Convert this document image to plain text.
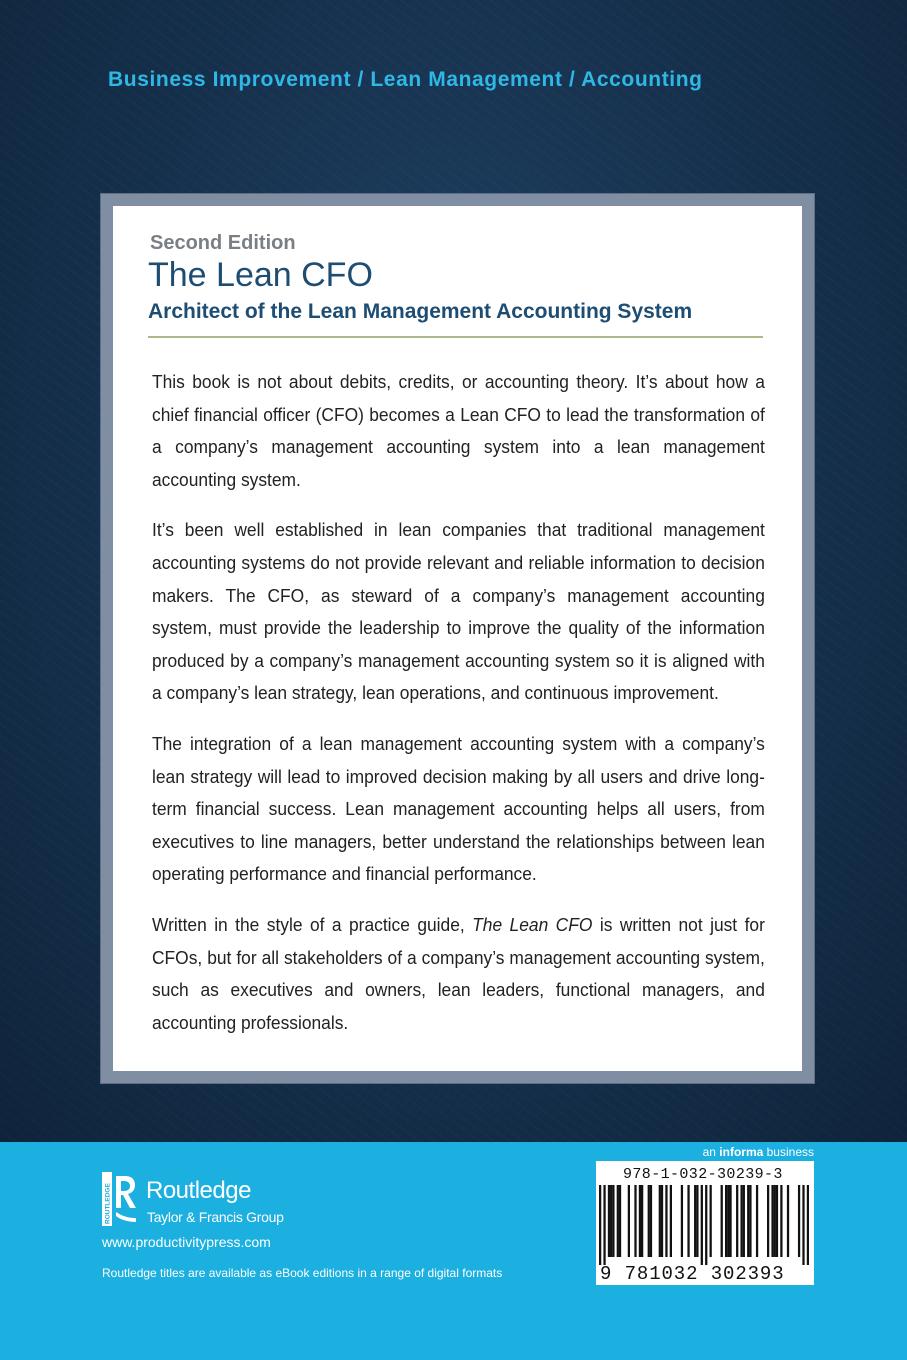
Business Improvement / Lean Management / Accounting
Second Edition
The Lean CFO
Architect of the Lean Management Accounting System

This book is not about debits, credits, or accounting theory. It’s about how a chief financial officer (CFO) becomes a Lean CFO to lead the transformation of a company’s management accounting system into a lean management accounting system.

It’s been well established in lean companies that traditional management accounting systems do not provide relevant and reliable information to decision makers. The CFO, as steward of a company’s management accounting system, must provide the leadership to improve the quality of the information produced by a company’s management accounting system so it is aligned with a company’s lean strategy, lean operations, and continuous improvement.

The integration of a lean management accounting system with a company’s lean strategy will lead to improved decision making by all users and drive long-term financial success. Lean management accounting helps all users, from executives to line managers, better understand the relationships between lean operating performance and financial performance.

Written in the style of a practice guide, The Lean CFO is written not just for CFOs, but for all stakeholders of a company’s management accounting system, such as executives and owners, lean leaders, functional managers, and accounting professionals.

an informa business
ROUTLEDGE Routledge
Taylor & Francis Group
www.productivitypress.com
Routledge titles are available as eBook editions in a range of digital formats
978-1-032-30239-3
9 781032 302393
